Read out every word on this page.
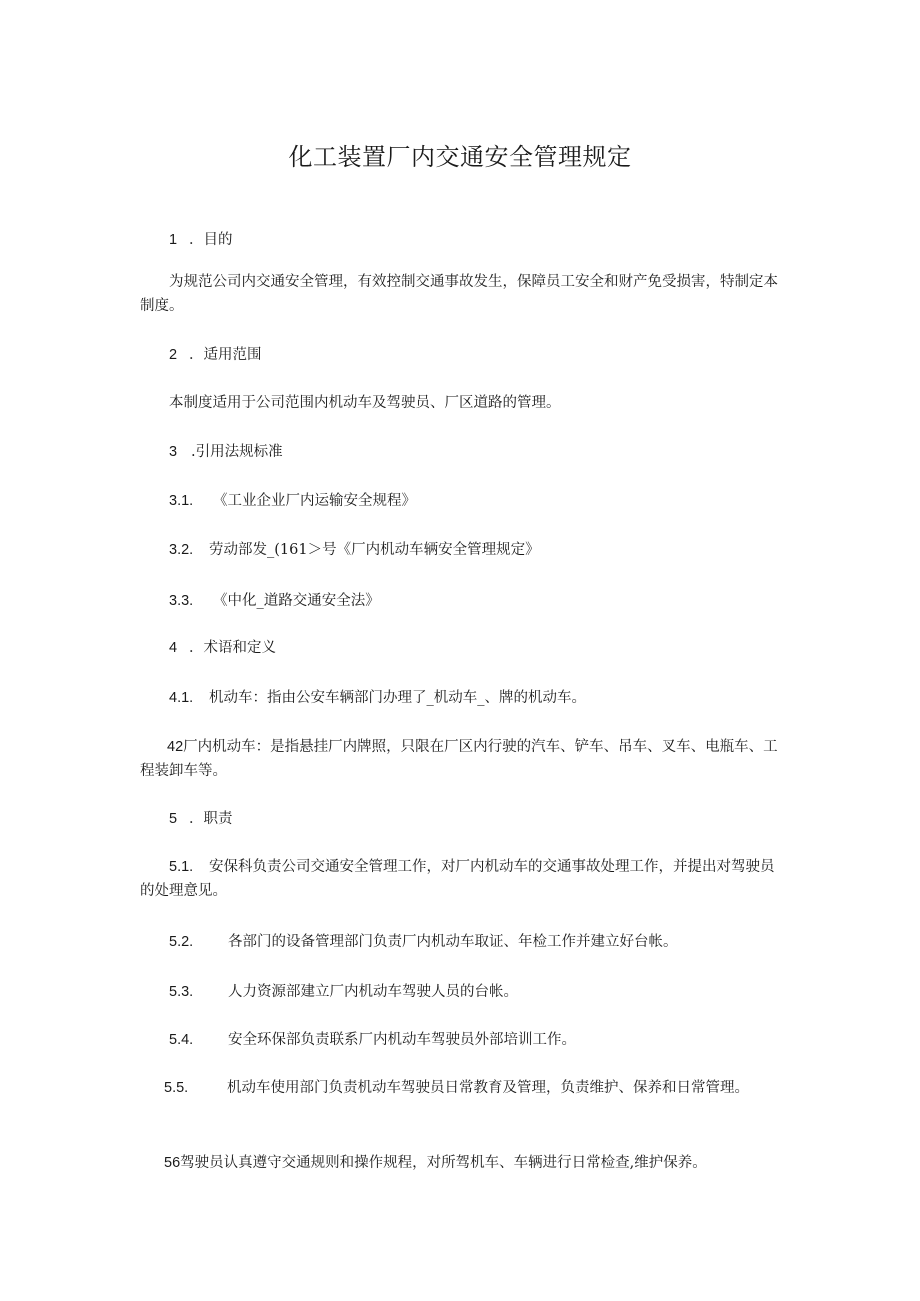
化工装置厂内交通安全管理规定
1 ．目的

为规范公司内交通安全管理，有效控制交通事故发生，保障员工安全和财产免受损害，特制定本制度。

2 ．适用范围

本制度适用于公司范围内机动车及驾驶员、厂区道路的管理。

3 .引用法规标准
3.1. 《工业企业厂内运输安全规程》
3.2. 劳动部发_(161＞号《厂内机动车辆安全管理规定》
3.3. 《中化_道路交通安全法》
4 ．术语和定义
4.1. 机动车：指由公安车辆部门办理了_机动车_、牌的机动车。

42厂内机动车：是指悬挂厂内牌照，只限在厂区内行驶的汽车、铲车、吊车、叉车、电瓶车、工程装卸车等。

5 ．职责

5.1. 安保科负责公司交通安全管理工作，对厂内机动车的交通事故处理工作，并提出对驾驶员的处理意见。

5.2. 各部门的设备管理部门负责厂内机动车取证、年检工作并建立好台帐。
5.3. 人力资源部建立厂内机动车驾驶人员的台帐。
5.4. 安全环保部负责联系厂内机动车驾驶员外部培训工作。

5.5.	机动车使用部门负责机动车驾驶员日常教育及管理，负责维护、保养和日常管理。

56驾驶员认真遵守交通规则和操作规程，对所驾机车、车辆进行日常检查,维护保养。
